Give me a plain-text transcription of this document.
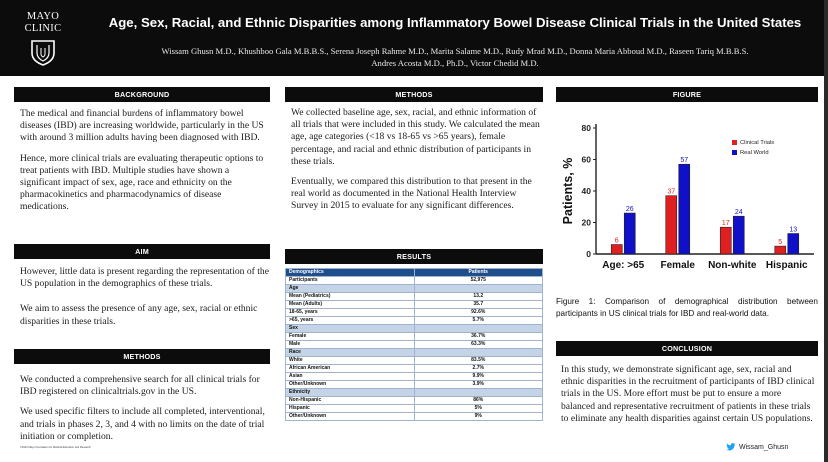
MAYO
CLINIC	Age, Sex, Racial, and Ethnic Disparities among Inflammatory Bowel Disease Clinical Trials in the United States
Wissam Ghusn M.D., Khushboo Gala M.B.B.S., Serena Joseph Rahme M.D., Marita Salame M.D., Rudy Mrad M.D., Donna Maria Abboud M.D., Raseen Tariq M.B.B.S.
Andres Acosta M.D., Ph.D., Victor Chedid M.D.
BACKGROUND

The medical and financial burdens of inflammatory bowel diseases (IBD) are increasing worldwide, particularly in the US with around 3 million adults having been diagnosed with IBD.

Hence, more clinical trials are evaluating therapeutic options to treat patients with IBD. Multiple studies have shown a significant impact of sex, age, race and ethnicity on the pharmacokinetics and pharmacodynamics of disease medications.

AIM

However, little data is present regarding the representation of the US population in the demographics of these trials.

We aim to assess the presence of any age, sex, racial or ethnic disparities in these trials.

METHODS

We conducted a comprehensive search for all clinical trials for IBD registered on clinicaltrials.gov in the US.

We used specific filters to include all completed, interventional, and trials in phases 2, 3, and 4 with no limits on the date of trial initiation or completion.

METHODS

We collected baseline age, sex, racial, and ethnic information of all trials that were included in this study. We calculated the mean age, age categories (<18 vs 18-65 vs >65 years), female percentage, and racial and ethnic distribution of participants in these trials.

Eventually, we compared this distribution to that present in the real world as documented in the National Health Interview Survey in 2015 to evaluate for any significant differences.

RESULTS
Demographics	Patients
Participants	52,975
Age	
Mean (Pediatrics)	13.2
Mean (Adults)	35.7
18-65, years	92.6%
>65, years	5.7%
Sex	
Female	36.7%
Male	63.3%
Race	
White	83.5%
African American	2.7%
Asian	9.9%
Other/Unknown	3.9%
Ethnicity	
Non-Hispanic	86%
Hispanic	5%
Other/Unknown	9%
FIGURE
0
20
40
60
80
Patients, %
6
26
Age: >65
37
57
Female
17
24
Non-white
5
13
Hispanic
Clinical Trials
Real World
Figure 1: Comparison of demographical distribution between participants in US clinical trials for IBD and real-world data.
CONCLUSION

In this study, we demonstrate significant age, sex, racial and ethnic disparities in the recruitment of participants of IBD clinical trials in the US. More effort must be put to ensure a more balanced and representative recruitment of patients in these trials to eliminate any health disparities against certain US populations.

Wissam_Ghusn
©2022 Mayo Foundation for Medical Education and Research
